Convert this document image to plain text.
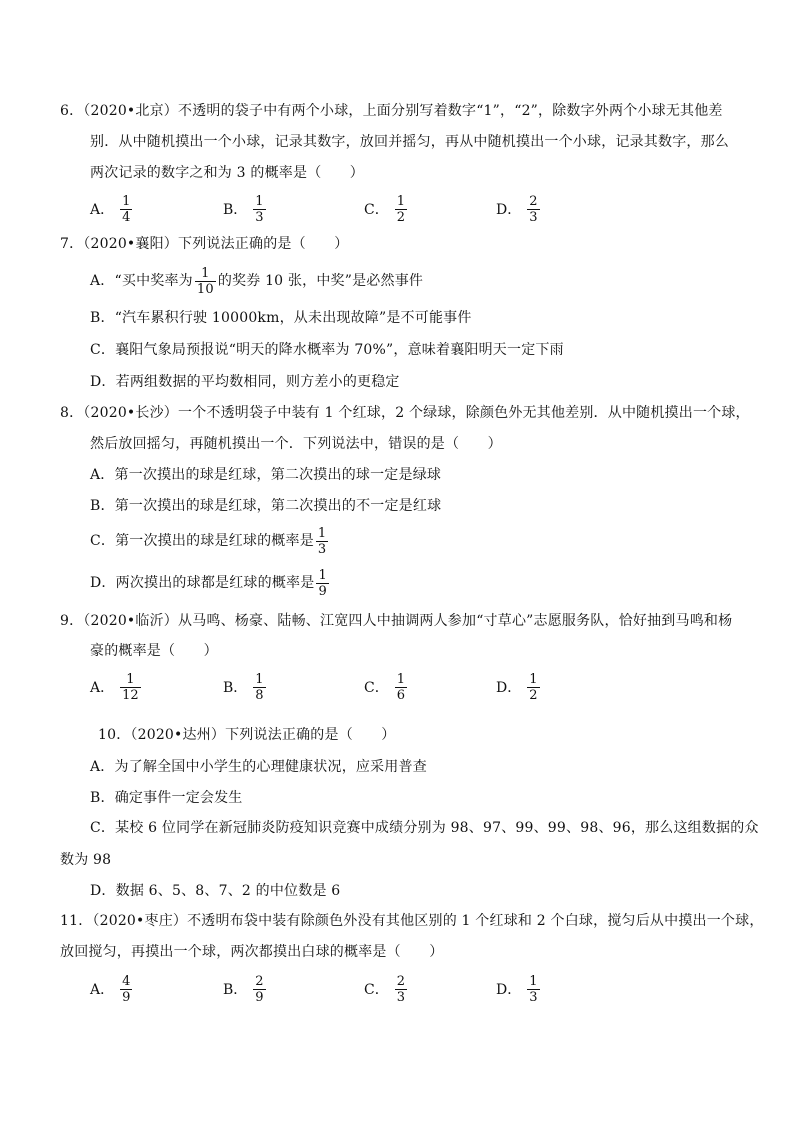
6．（2020•北京）不透明的袋子中有两个小球，上面分别写着数字“1”，“2”，除数字外两个小球无其他差
别．从中随机摸出一个小球，记录其数字，放回并摇匀，再从中随机摸出一个小球，记录其数字，那么
两次记录的数字之和为 3 的概率是（　　）
A． $\frac{1}{4}$	B． $\frac{1}{3}$	C． $\frac{1}{2}$	D． $\frac{2}{3}$
7．（2020•襄阳）下列说法正确的是（　　）
A．“买中奖率为 $\frac{1}{10}$ 的奖券 10 张，中奖”是必然事件
B．“汽车累积行驶 10000km，从未出现故障”是不可能事件
C．襄阳气象局预报说“明天的降水概率为 70%”，意味着襄阳明天一定下雨
D．若两组数据的平均数相同，则方差小的更稳定
8．（2020•长沙）一个不透明袋子中装有 1 个红球，2 个绿球，除颜色外无其他差别．从中随机摸出一个球，
然后放回摇匀，再随机摸出一个．下列说法中，错误的是（　　）
A．第一次摸出的球是红球，第二次摸出的球一定是绿球
B．第一次摸出的球是红球，第二次摸出的不一定是红球
C．第一次摸出的球是红球的概率是 $\frac{1}{3}$
D．两次摸出的球都是红球的概率是 $\frac{1}{9}$
9．（2020•临沂）从马鸣、杨豪、陆畅、江宽四人中抽调两人参加“寸草心”志愿服务队，恰好抽到马鸣和杨
豪的概率是（　　）
A． $\frac{1}{12}$	B． $\frac{1}{8}$	C． $\frac{1}{6}$	D． $\frac{1}{2}$
10．（2020•达州）下列说法正确的是（　　）
A．为了解全国中小学生的心理健康状况，应采用普查
B．确定事件一定会发生
C．某校 6 位同学在新冠肺炎防疫知识竞赛中成绩分别为 98、97、99、99、98、96，那么这组数据的众
数为 98
D．数据 6、5、8、7、2 的中位数是 6
11．（2020•枣庄）不透明布袋中装有除颜色外没有其他区别的 1 个红球和 2 个白球，搅匀后从中摸出一个球，
放回搅匀，再摸出一个球，两次都摸出白球的概率是（　　）
A． $\frac{4}{9}$	B． $\frac{2}{9}$	C． $\frac{2}{3}$	D． $\frac{1}{3}$
